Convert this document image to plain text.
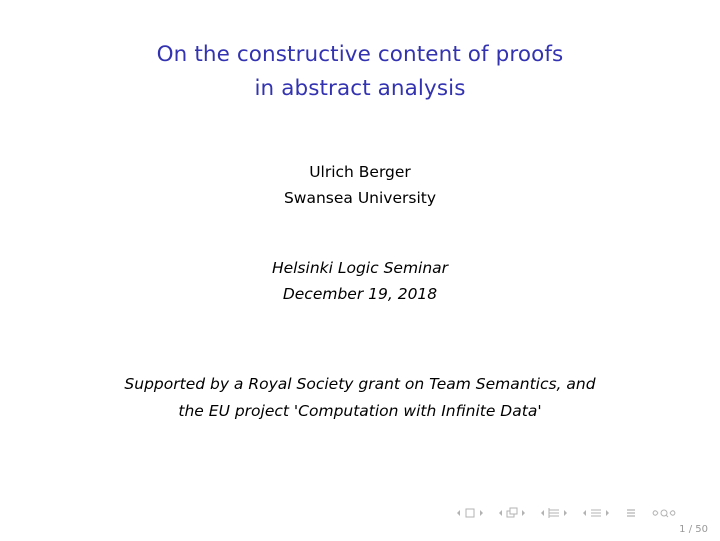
On the constructive content of proofs
in abstract analysis
Ulrich Berger
Swansea University
Helsinki Logic Seminar
December 19, 2018
Supported by a Royal Society grant on Team Semantics, and
the EU project 'Computation with Infinite Data'
1 / 50
